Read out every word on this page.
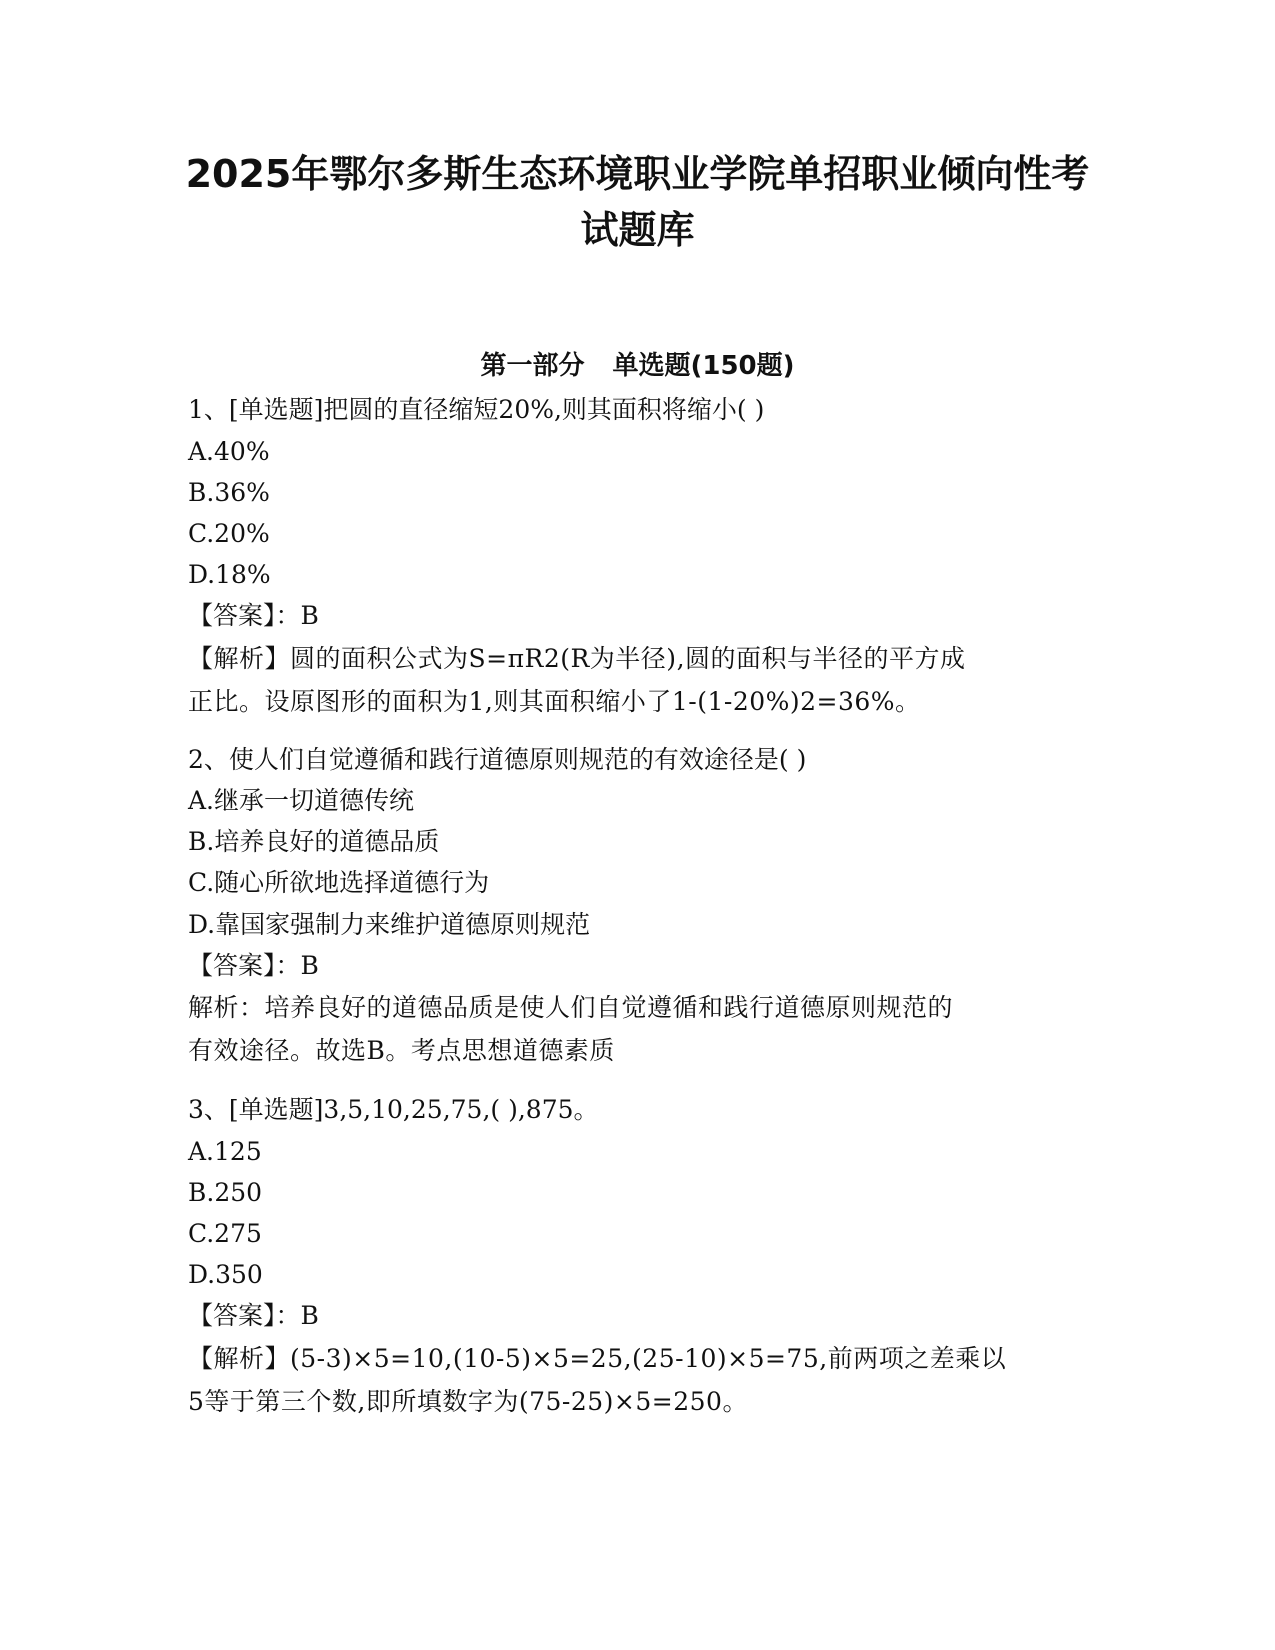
2025年鄂尔多斯生态环境职业学院单招职业倾向性考
试题库
第一部分 单选题(150题)

1、[单选题]把圆的直径缩短20%,则其面积将缩小( )

A.40%

B.36%

C.20%

D.18%

【答案】：B

【解析】圆的面积公式为S=πR2(R为半径),圆的面积与半径的平方成
正比。设原图形的面积为1,则其面积缩小了1-(1-20%)2=36%。

2、使人们自觉遵循和践行道德原则规范的有效途径是( )

A.继承一切道德传统

B.培养良好的道德品质

C.随心所欲地选择道德行为

D.靠国家强制力来维护道德原则规范

【答案】：B

解析：培养良好的道德品质是使人们自觉遵循和践行道德原则规范的
有效途径。故选B。考点思想道德素质

3、[单选题]3,5,10,25,75,( ),875。

A.125

B.250

C.275

D.350

【答案】：B

【解析】(5-3)×5=10,(10-5)×5=25,(25-10)×5=75,前两项之差乘以
5等于第三个数,即所填数字为(75-25)×5=250。
